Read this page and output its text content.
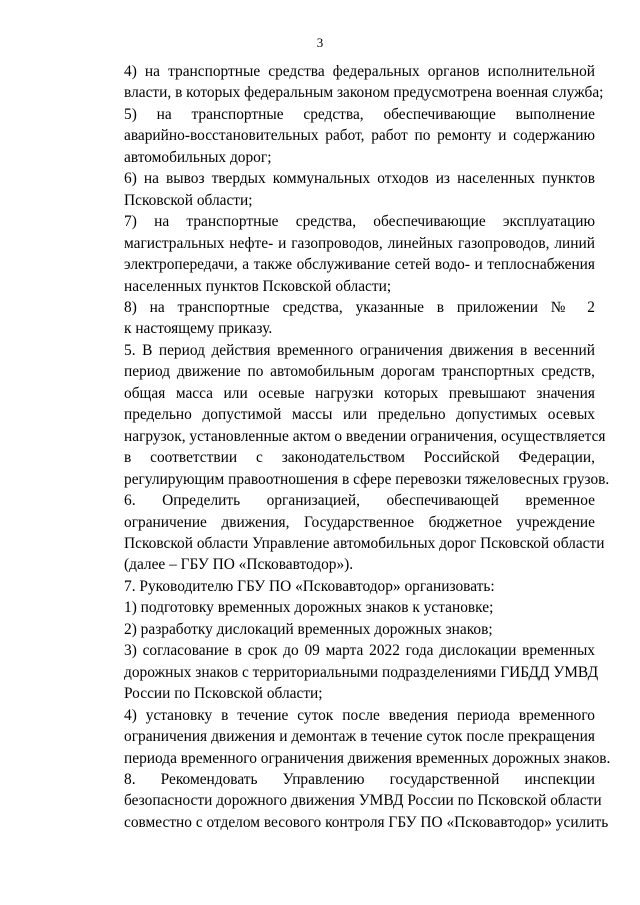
3

4) на транспортные средства федеральных органов исполнительной
власти, в которых федеральным законом предусмотрена военная служба;

5) на транспортные средства, обеспечивающие выполнение
аварийно-восстановительных работ, работ по ремонту и содержанию
автомобильных дорог;

6) на вывоз твердых коммунальных отходов из населенных пунктов
Псковской области;

7) на транспортные средства, обеспечивающие эксплуатацию
магистральных нефте- и газопроводов, линейных газопроводов, линий
электропередачи, а также обслуживание сетей водо- и теплоснабжения
населенных пунктов Псковской области;

8) на транспортные средства, указанные в приложении № 2
к настоящему приказу.

5. В период действия временного ограничения движения в весенний
период движение по автомобильным дорогам транспортных средств,
общая масса или осевые нагрузки которых превышают значения
предельно допустимой массы или предельно допустимых осевых
нагрузок, установленные актом о введении ограничения, осуществляется
в соответствии с законодательством Российской Федерации,
регулирующим правоотношения в сфере перевозки тяжеловесных грузов.

6. Определить организацией, обеспечивающей временное
ограничение движения, Государственное бюджетное учреждение
Псковской области Управление автомобильных дорог Псковской области
(далее – ГБУ ПО «Псковавтодор»).

7. Руководителю ГБУ ПО «Псковавтодор» организовать:

1) подготовку временных дорожных знаков к установке;

2) разработку дислокаций временных дорожных знаков;

3) согласование в срок до 09 марта 2022 года дислокации временных
дорожных знаков с территориальными подразделениями ГИБДД УМВД
России по Псковской области;

4) установку в течение суток после введения периода временного
ограничения движения и демонтаж в течение суток после прекращения
периода временного ограничения движения временных дорожных знаков.

8. Рекомендовать Управлению государственной инспекции
безопасности дорожного движения УМВД России по Псковской области
совместно с отделом весового контроля ГБУ ПО «Псковавтодор» усилить
